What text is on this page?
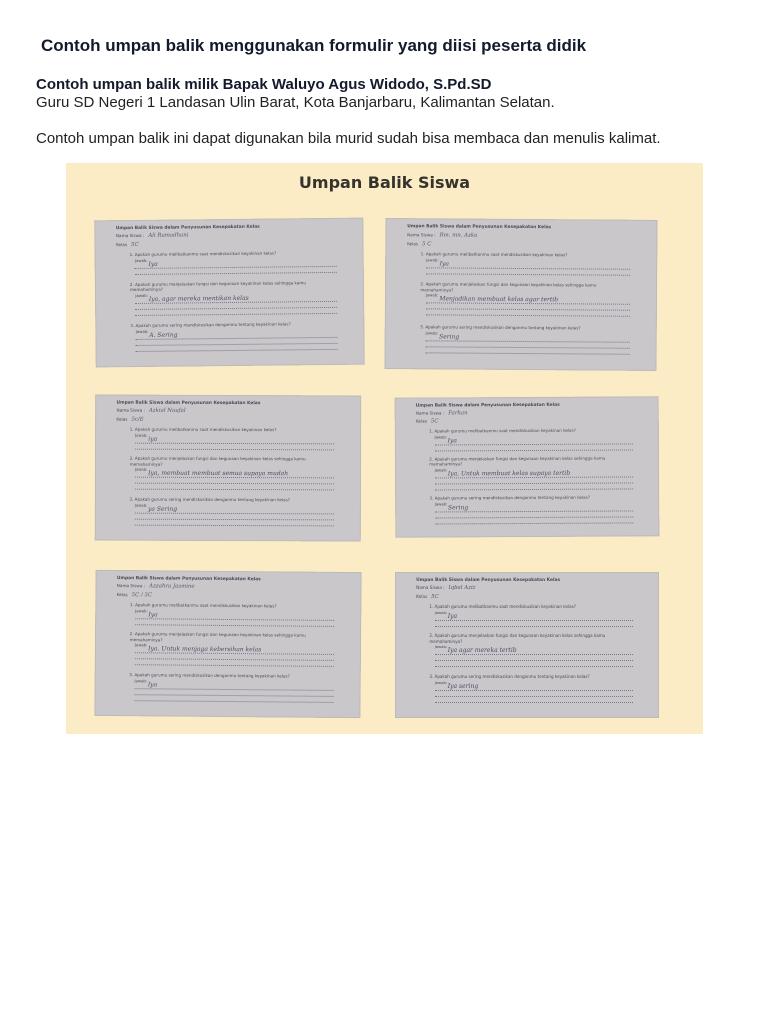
Contoh umpan balik menggunakan formulir yang diisi peserta didik
Contoh umpan balik milik Bapak Waluyo Agus Widodo, S.Pd.SD
Guru SD Negeri 1 Landasan Ulin Barat, Kota Banjarbaru, Kalimantan Selatan.
Contoh umpan balik ini dapat digunakan bila murid sudah bisa membaca dan menulis kalimat.
Umpan Balik Siswa
Umpan Balik Siswa dalam Penyusunan Kesepakatan Kelas
Nama Siswa : Ali Ramadhani
Kelas 5C
1. Apakah gurumu melibatkanmu saat mendiskusikan keyakinan kelas?
Jawab:
Iya
2. Apakah gurumu menjelaskan fungsi dan kegunaan keyakinan kelas sehingga kamu memahaminya?
Jawab: Iya, agar mereka mentikan kelas
3. Apakah gurumu sering mendiskusikan denganmu tentang keyakinan kelas?
Jawab:
A. Sering
Umpan Balik Siswa dalam Penyusunan Kesepakatan Kelas
Nama Siswa : Rm. mn. Azka
Kelas 5 C
1. Apakah gurumu melibatkanmu saat mendiskusikan keyakinan kelas?
Jawab:
Iya
2. Apakah gurumu menjelaskan fungsi dan kegunaan keyakinan kelas sehingga kamu memahaminya?
Jawab:
Menjadikan membuat kelas agar tertib
3. Apakah gurumu sering mendiskusikan denganmu tentang keyakinan kelas?
Jawab:
Sering
Umpan Balik Siswa dalam Penyusunan Kesepakatan Kelas
Nama Siswa : Azkial Naufal
Kelas 5c/E
1. Apakah gurumu melibatkanmu saat mendiskusikan keyakinan kelas?
Jawab:
iya
2. Apakah gurumu menjelaskan fungsi dan kegunaan keyakinan kelas sehingga kamu memahaminya?
Jawab:
Iya, membuat membuat semua supaya mudah
3. Apakah gurumu sering mendiskusikan denganmu tentang keyakinan kelas?
Jawab:
ya Sering
Umpan Balik Siswa dalam Penyusunan Kesepakatan Kelas
Nama Siswa : Farhan
Kelas 5C
1. Apakah gurumu melibatkanmu saat mendiskusikan keyakinan kelas?
Jawab:
Iya
2. Apakah gurumu menjelaskan fungsi dan kegunaan keyakinan kelas sehingga kamu memahaminya?
Jawab: Iya, Untuk membuat kelas supaya tertib
3. Apakah gurumu sering mendiskusikan denganmu tentang keyakinan kelas?
Jawab:
Sering
Umpan Balik Siswa dalam Penyusunan Kesepakatan Kelas
Nama Siswa : Azzahra Jasmine
Kelas 5C / 5C
1. Apakah gurumu melibatkanmu saat mendiskusikan keyakinan kelas?
Jawab:
Iya
2. Apakah gurumu menjelaskan fungsi dan kegunaan keyakinan kelas sehingga kamu memahaminya?
Jawab:
Iya. Untuk menjaga kebersihan kelas
3. Apakah gurumu sering mendiskusikan denganmu tentang keyakinan kelas?
Jawab:
Iya
Umpan Balik Siswa dalam Penyusunan Kesepakatan Kelas
Nama Siswa : Iqbal Aziz
Kelas 5C
1. Apakah gurumu melibatkanmu saat mendiskusikan keyakinan kelas?
Jawab:
Iya
2. Apakah gurumu menjelaskan fungsi dan kegunaan keyakinan kelas sehingga kamu memahaminya?
Jawab:
Iya agar mereka tertib
3. Apakah gurumu sering mendiskusikan denganmu tentang keyakinan kelas?
Jawab:
Iya sering
